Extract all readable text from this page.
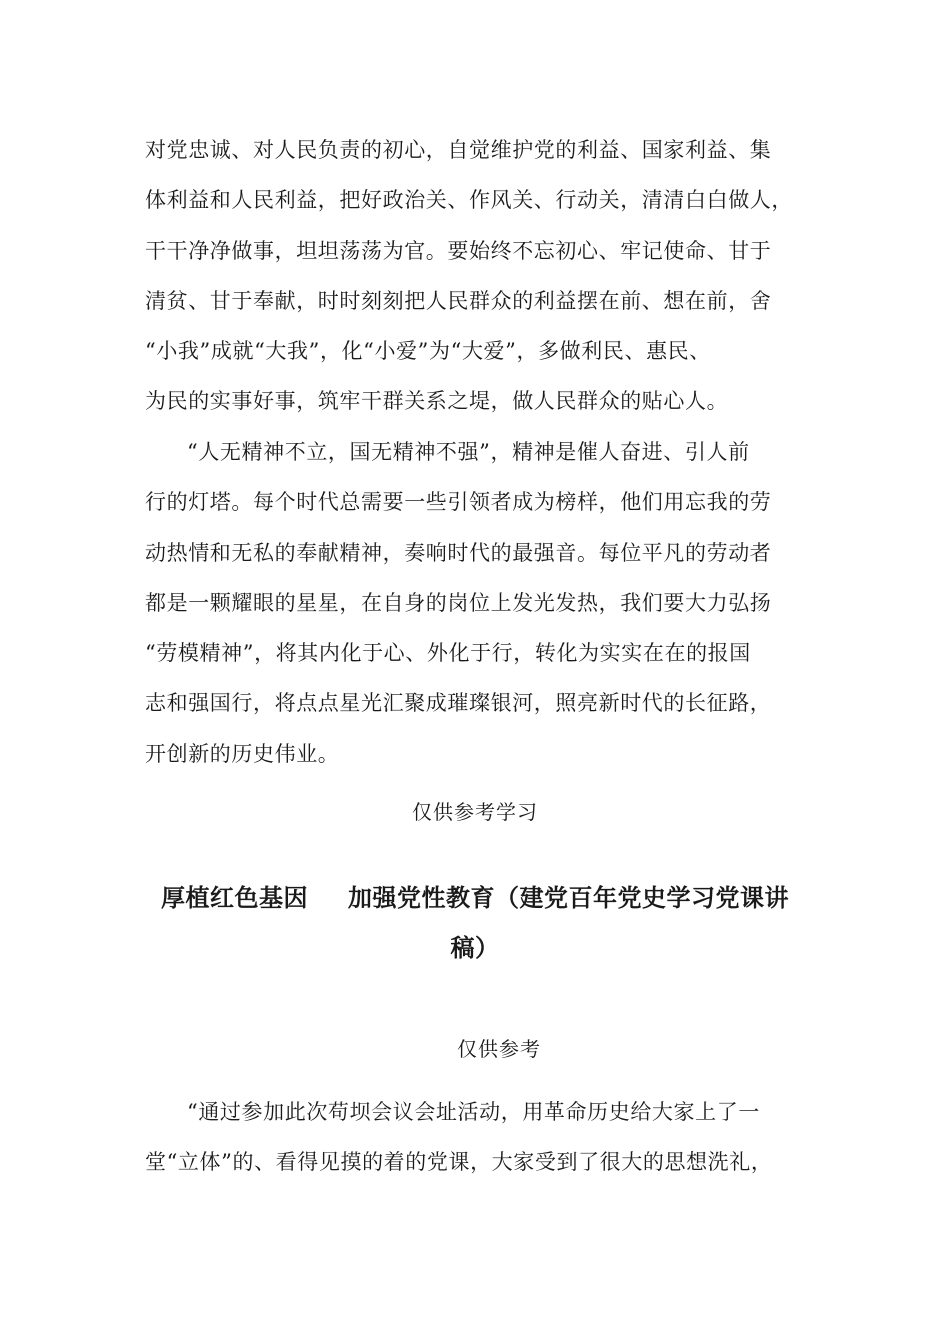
对党忠诚、对人民负责的初心，自觉维护党的利益、国家利益、集
体利益和人民利益，把好政治关、作风关、行动关，清清白白做人，
干干净净做事，坦坦荡荡为官。要始终不忘初心、牢记使命、甘于
清贫、甘于奉献，时时刻刻把人民群众的利益摆在前、想在前，舍
“小我”成就“大我”，化“小爱”为“大爱”，多做利民、惠民、
为民的实事好事，筑牢干群关系之堤，做人民群众的贴心人。
“人无精神不立，国无精神不强”，精神是催人奋进、引人前
行的灯塔。每个时代总需要一些引领者成为榜样，他们用忘我的劳
动热情和无私的奉献精神，奏响时代的最强音。每位平凡的劳动者
都是一颗耀眼的星星，在自身的岗位上发光发热，我们要大力弘扬
“劳模精神”，将其内化于心、外化于行，转化为实实在在的报国
志和强国行，将点点星光汇聚成璀璨银河，照亮新时代的长征路，
开创新的历史伟业。
仅供参考学习
厚植红色基因 加强党性教育（建党百年党史学习党课讲
稿）
仅供参考
“通过参加此次苟坝会议会址活动，用革命历史给大家上了一
堂“立体”的、看得见摸的着的党课，大家受到了很大的思想洗礼，
